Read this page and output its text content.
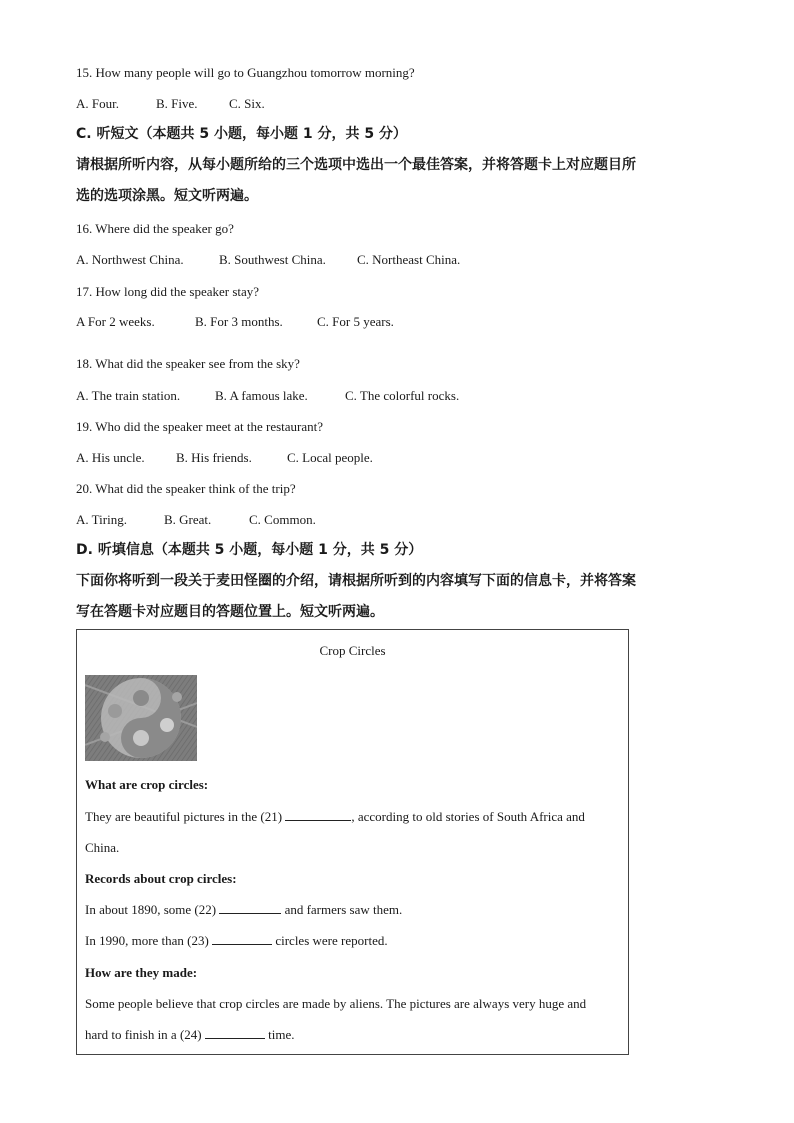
15. How many people will go to Guangzhou tomorrow morning?
A. Four.	B. Five. C. Six.
C. 听短文（本题共 5 小题，每小题 1 分，共 5 分）
请根据所听内容，从每小题所给的三个选项中选出一个最佳答案，并将答题卡上对应题目所
选的选项涂黑。短文听两遍。
16. Where did the speaker go?
A. Northwest China.	B. Southwest China. C. Northeast China.
17. How long did the speaker stay?
A For 2 weeks.	B. For 3 months.	C. For 5 years.
18. What did the speaker see from the sky?
A. The train station.	B. A famous lake.	C. The colorful rocks.
19. Who did the speaker meet at the restaurant?
A. His uncle. B. His friends.	C. Local people.
20. What did the speaker think of the trip?
A. Tiring.	B. Great.	C. Common.
D. 听填信息（本题共 5 小题，每小题 1 分，共 5 分）
下面你将听到一段关于麦田怪圈的介绍，请根据所听到的内容填写下面的信息卡，并将答案
写在答题卡对应题目的答题位置上。短文听两遍。
Crop Circles
What are crop circles:
They are beautiful pictures in the (21)	, according to old stories of South Africa and
China.
Records about crop circles:
In about 1890, some (22)	and farmers saw them.
In 1990, more than (23)	circles were reported.
How are they made:
Some people believe that crop circles are made by aliens. The pictures are always very huge and
hard to finish in a (24)	time.
